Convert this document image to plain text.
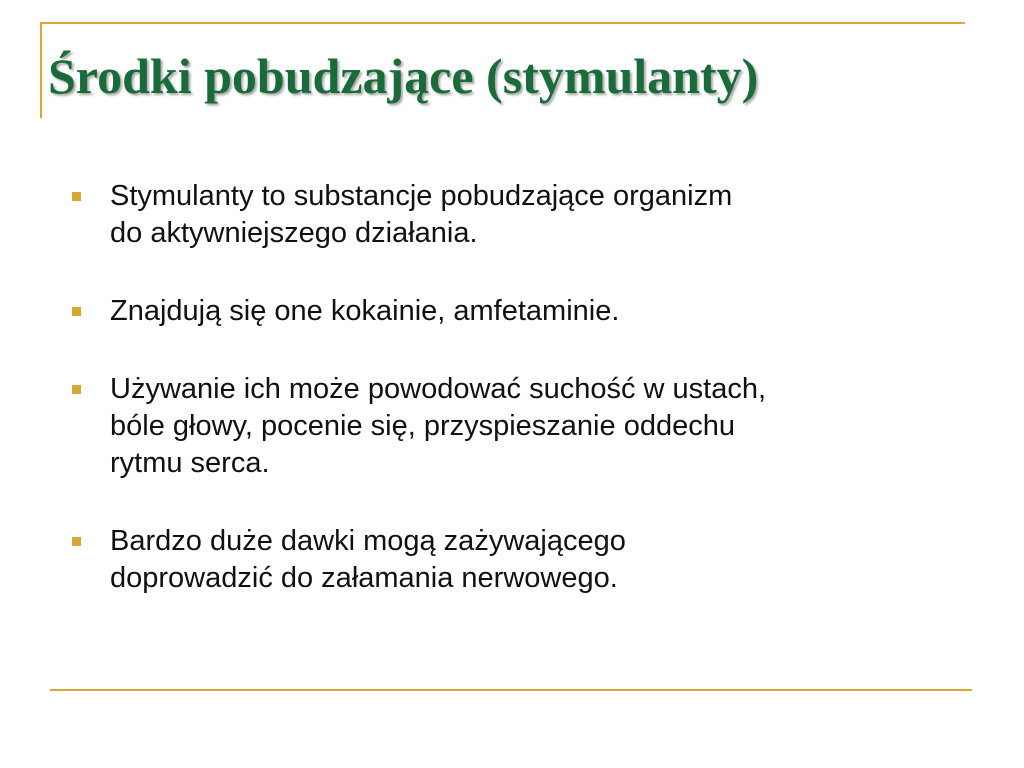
Środki pobudzające (stymulanty)
Stymulanty to substancje pobudzające organizm
do aktywniejszego działania.
Znajdują się one kokainie, amfetaminie.
Używanie ich może powodować suchość w ustach,
bóle głowy, pocenie się, przyspieszanie oddechu
rytmu serca.
Bardzo duże dawki mogą zażywającego
doprowadzić do załamania nerwowego.
